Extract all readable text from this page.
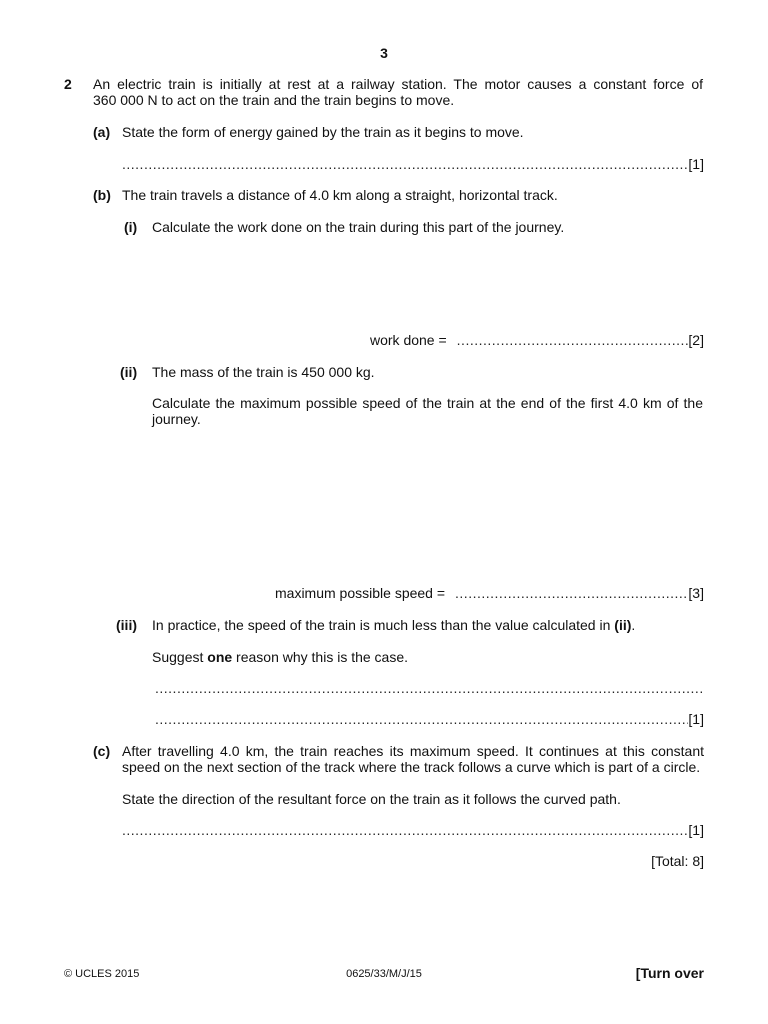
3
2 An electric train is initially at rest at a railway station. The motor causes a constant force of
360 000 N to act on the train and the train begins to move.
(a) State the form of energy gained by the train as it begins to move.
.....
[1]
(b) The train travels a distance of 4.0 km along a straight, horizontal track.
(i) Calculate the work done on the train during this part of the journey.
work done = .....	[2]
(ii) The mass of the train is 450 000 kg.
Calculate the maximum possible speed of the train at the end of the first 4.0 km of the
journey.
maximum possible speed = .....	[3]
(iii) In practice, the speed of the train is much less than the value calculated in (ii).
Suggest one reason why this is the case.
.....
.....
[1]
(c) After travelling 4.0 km, the train reaches its maximum speed. It continues at this constant
speed on the next section of the track where the track follows a curve which is part of a circle.
State the direction of the resultant force on the train as it follows the curved path.
.....
[1]
[Total: 8]
© UCLES 2015	0625/33/M/J/15	[Turn over
